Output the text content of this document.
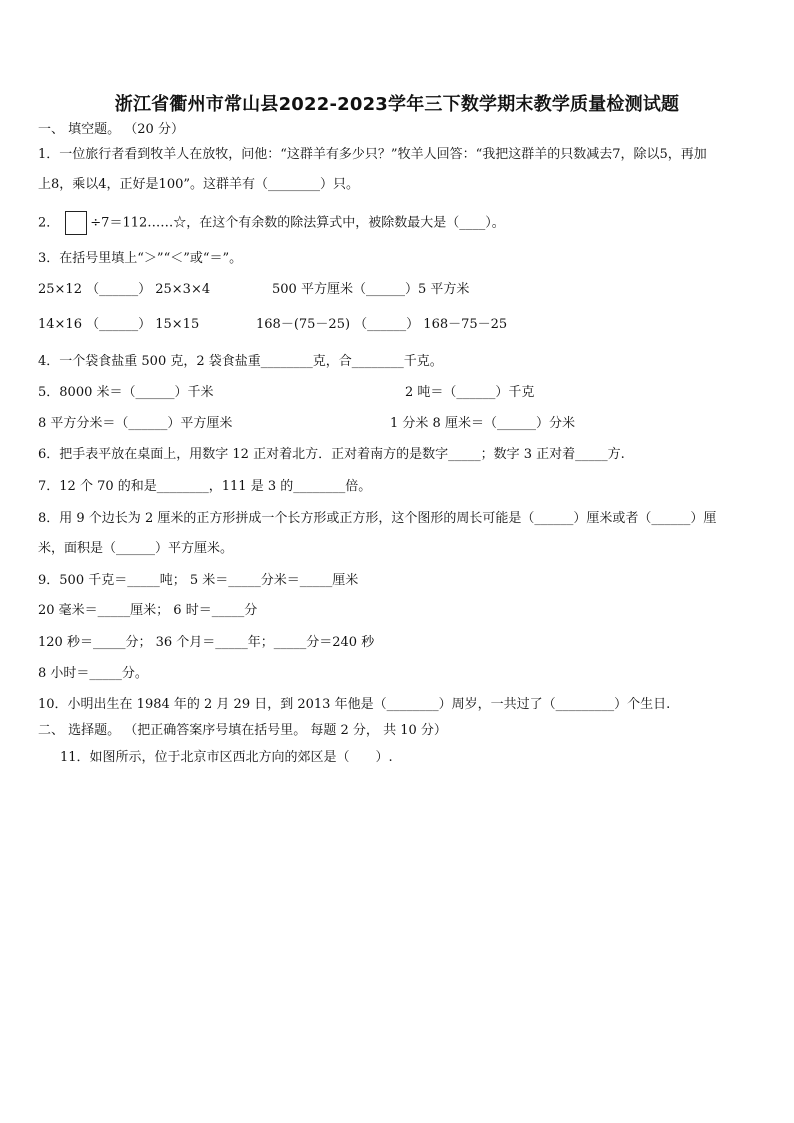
浙江省衢州市常山县2022-2023学年三下数学期末教学质量检测试题
一、 填空题。 （20 分）
1．一位旅行者看到牧羊人在放牧，问他：“这群羊有多少只？”牧羊人回答：“我把这群羊的只数减去7，除以5，再加
上8，乘以4，正好是100”。这群羊有（________）只。
2． ÷7＝112……☆，在这个有余数的除法算式中，被除数最大是（____）。
3．在括号里填上“＞”“＜”或“＝”。
25×12 （______） 25×3×4	500 平方厘米（______）5 平方米
14×16 （______） 15×15	168－(75－25) （______） 168－75－25
4．一个袋食盐重 500 克，2 袋食盐重________克，合________千克。
5．8000 米＝（______）千米	2 吨＝（______）千克
8 平方分米＝（______）平方厘米	1 分米 8 厘米＝（______）分米
6．把手表平放在桌面上，用数字 12 正对着北方．正对着南方的是数字_____；数字 3 正对着_____方.
7．12 个 70 的和是________，111 是 3 的________倍。
8．用 9 个边长为 2 厘米的正方形拼成一个长方形或正方形，这个图形的周长可能是（______）厘米或者（______）厘
米，面积是（______）平方厘米。
9．500 千克＝_____吨； 5 米＝_____分米＝_____厘米
20 毫米＝_____厘米； 6 时＝_____分
120 秒＝_____分； 36 个月＝_____年；_____分＝240 秒
8 小时＝_____分。
10．小明出生在 1984 年的 2 月 29 日，到 2013 年他是（________）周岁，一共过了（_________）个生日.
二、 选择题。 （把正确答案序号填在括号里。 每题 2 分， 共 10 分）
11．如图所示，位于北京市区西北方向的郊区是（　　）.
